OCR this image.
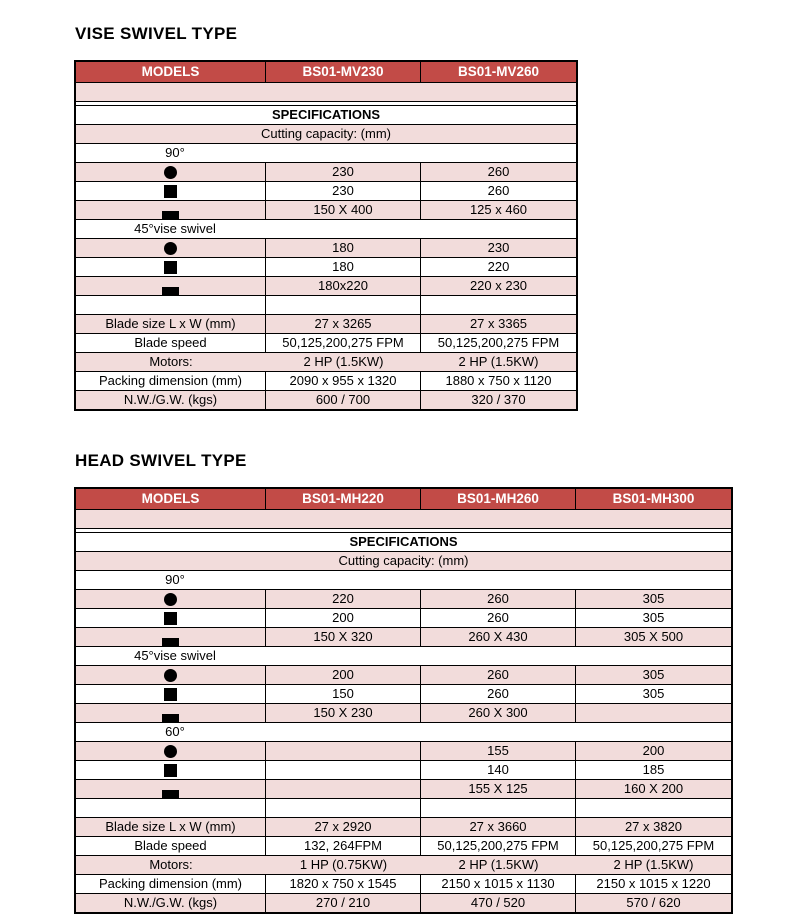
VISE SWIVEL TYPE
MODELS	BS01-MV230	BS01-MV260

SPECIFICATIONS		
Cutting capacity: (mm)		

90°		

	230	260
	230	260
	150 X 400	125 x 460

45°vise swivel		

	180	230
	180	220
	180x220	220 x 230

Blade size L x W (mm)	27 x 3265	27 x 3365
Blade speed	50,125,200,275 FPM	50,125,200,275 FPM
Motors:	2 HP (1.5KW)	2 HP (1.5KW)
Packing dimension (mm)	2090 x 955 x 1320	1880 x 750 x 1120
N.W./G.W. (kgs)	600 / 700	320 / 370
HEAD SWIVEL TYPE
MODELS	BS01-MH220	BS01-MH260	BS01-MH300

SPECIFICATIONS			
Cutting capacity: (mm)			

90°			

	220	260	305
	200	260	305
	150 X 320	260 X 430	305 X 500

45°vise swivel			

	200	260	305
	150	260	305
	150 X 230	260 X 300	

60°			

		155	200
		140	185
		155 X 125	160 X 200

Blade size L x W (mm)	27 x 2920	27 x 3660	27 x 3820
Blade speed	132, 264FPM	50,125,200,275 FPM	50,125,200,275 FPM
Motors:	1 HP (0.75KW)	2 HP (1.5KW)	2 HP (1.5KW)
Packing dimension (mm)	1820 x 750 x 1545	2150 x 1015 x 1130	2150 x 1015 x 1220
N.W./G.W. (kgs)	270 / 210	470 / 520	570 / 620
